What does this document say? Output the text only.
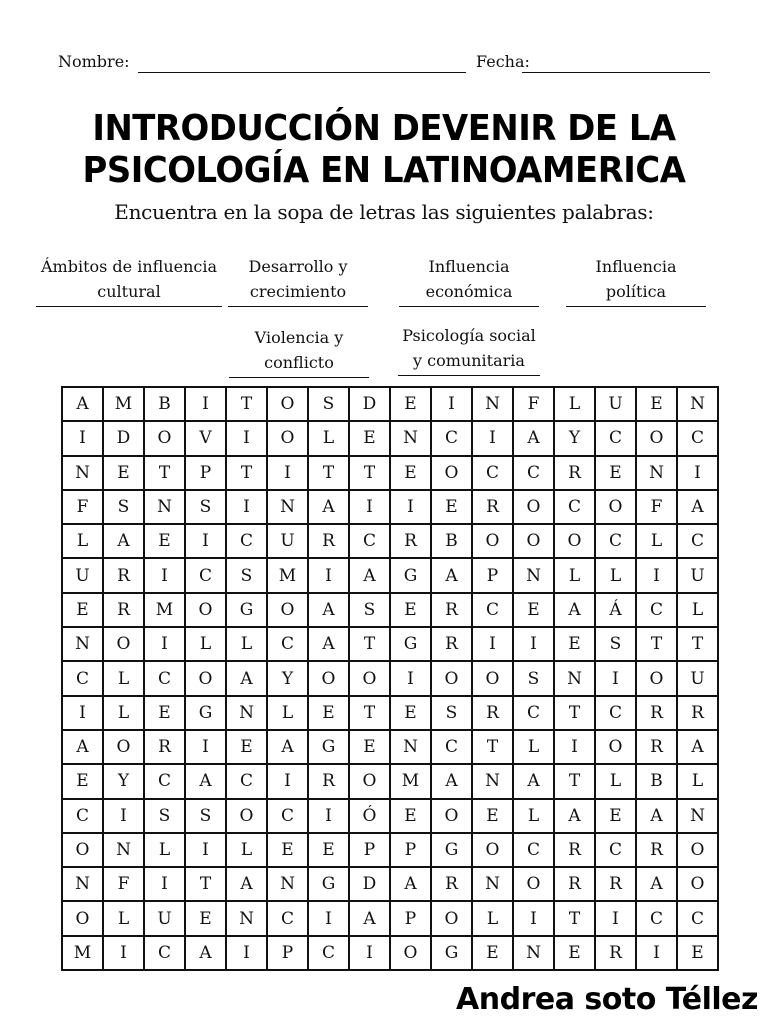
Nombre:	Fecha:
INTRODUCCIÓN DEVENIR DE LA
PSICOLOGÍA EN LATINOAMERICA
Encuentra en la sopa de letras las siguientes palabras:
Ámbitos de influencia
cultural
Desarrollo y
crecimiento
Influencia
económica
Influencia
política
Violencia y
conflicto
Psicología social
y comunitaria
A	M	B	I	T	O	S	D	E	I	N	F	L	U	E	N
I	D	O	V	I	O	L	E	N	C	I	A	Y	C	O	C
N	E	T	P	T	I	T	T	E	O	C	C	R	E	N	I
F	S	N	S	I	N	A	I	I	E	R	O	C	O	F	A
L	A	E	I	C	U	R	C	R	B	O	O	O	C	L	C
U	R	I	C	S	M	I	A	G	A	P	N	L	L	I	U
E	R	M	O	G	O	A	S	E	R	C	E	A	Á	C	L
N	O	I	L	L	C	A	T	G	R	I	I	E	S	T	T
C	L	C	O	A	Y	O	O	I	O	O	S	N	I	O	U
I	L	E	G	N	L	E	T	E	S	R	C	T	C	R	R
A	O	R	I	E	A	G	E	N	C	T	L	I	O	R	A
E	Y	C	A	C	I	R	O	M	A	N	A	T	L	B	L
C	I	S	S	O	C	I	Ó	E	O	E	L	A	E	A	N
O	N	L	I	L	E	E	P	P	G	O	C	R	C	R	O
N	F	I	T	A	N	G	D	A	R	N	O	R	R	A	O
O	L	U	E	N	C	I	A	P	O	L	I	T	I	C	C
M	I	C	A	I	P	C	I	O	G	E	N	E	R	I	E
Andrea soto Téllez
